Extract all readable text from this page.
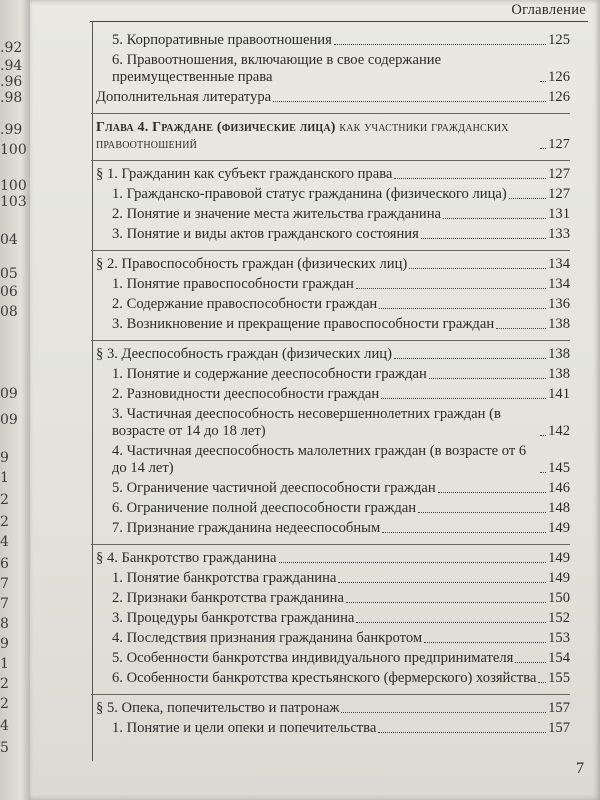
.92
.94
.96
.98
.99
100
100
103
04
05
06
08
09
09
9
1
2
2
4
6
7
7
8
9
1
2
2
4
5
Оглавление
5. Корпоративные правоотношения	125
6. Правоотношения, включающие в свое содержание преимущественные права	126
Дополнительная литература	126
Глава 4. Граждане (физические лица) как участники гражданских правоотношений	127
§ 1. Гражданин как субъект гражданского права	127
1. Гражданско-правовой статус гражданина (физического лица)	127
2. Понятие и значение места жительства гражданина	131
3. Понятие и виды актов гражданского состояния	133
§ 2. Правоспособность граждан (физических лиц)	134
1. Понятие правоспособности граждан	134
2. Содержание правоспособности граждан	136
3. Возникновение и прекращение правоспособности граждан	138
§ 3. Дееспособность граждан (физических лиц)	138
1. Понятие и содержание дееспособности граждан	138
2. Разновидности дееспособности граждан	141
3. Частичная дееспособность несовершеннолетних граждан (в возрасте от 14 до 18 лет)	142
4. Частичная дееспособность малолетних граждан (в возрасте от 6 до 14 лет)	145
5. Ограничение частичной дееспособности граждан	146
6. Ограничение полной дееспособности граждан	148
7. Признание гражданина недееспособным	149
§ 4. Банкротство гражданина	149
1. Понятие банкротства гражданина	149
2. Признаки банкротства гражданина	150
3. Процедуры банкротства гражданина	152
4. Последствия признания гражданина банкротом	153
5. Особенности банкротства индивидуального предпринимателя 154
6. Особенности банкротства крестьянского (фермерского) хозяйства 155
§ 5. Опека, попечительство и патронаж	157
1. Понятие и цели опеки и попечительства	157
7
